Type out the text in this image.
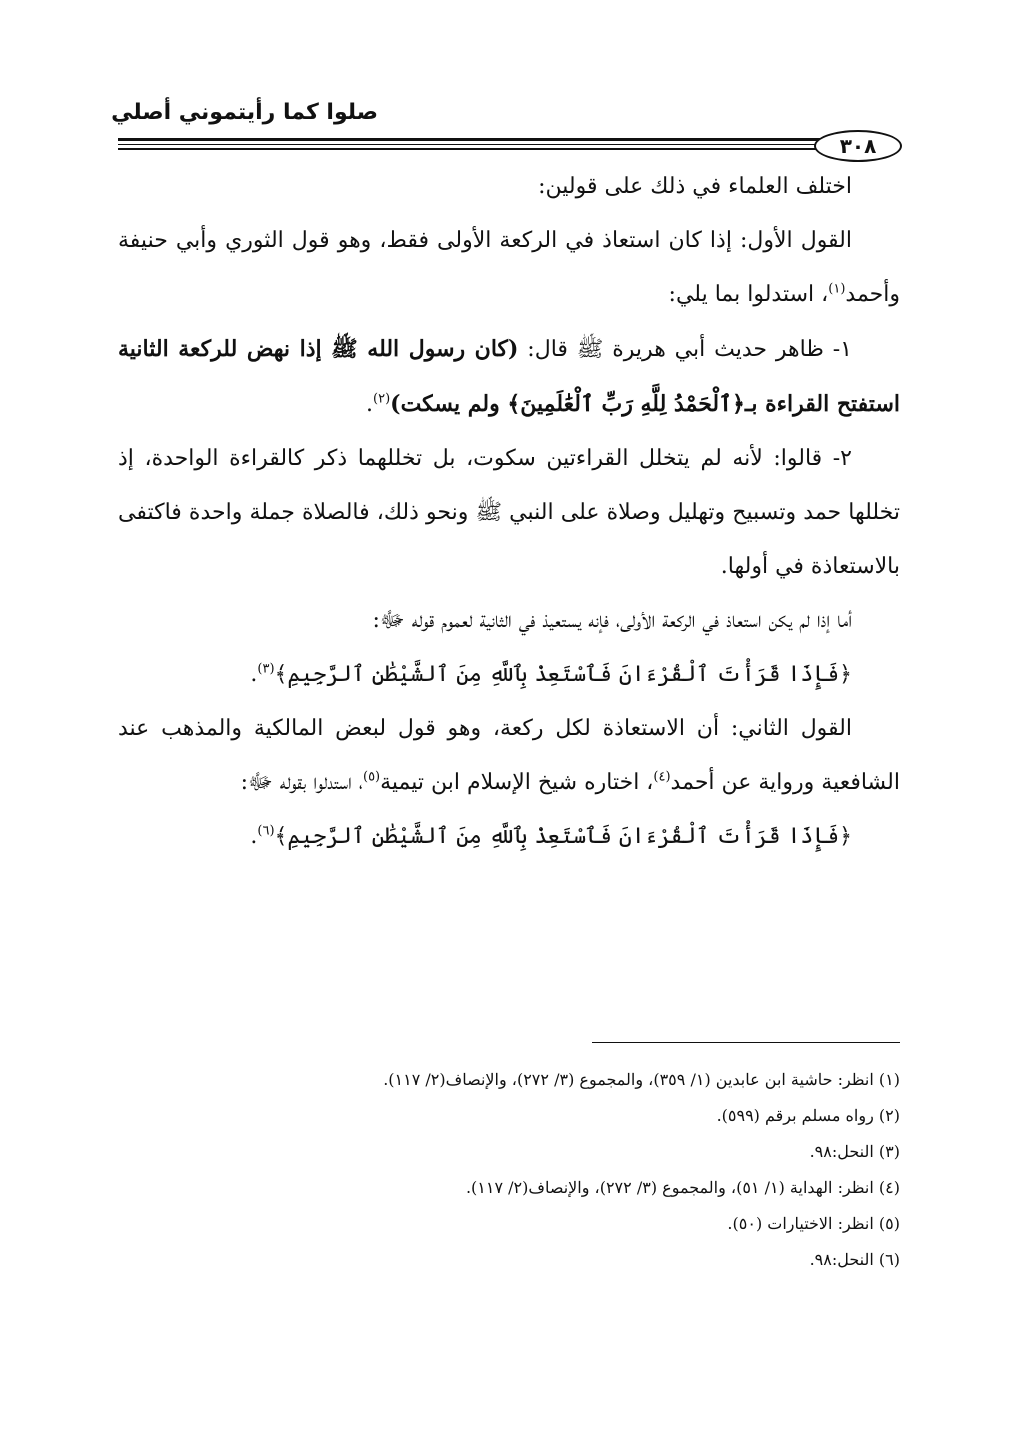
صلوا كما رأيتموني أصلي
٣٠٨

اختلف العلماء في ذلك على قولين:

القول الأول: إذا كان استعاذ في الركعة الأولى فقط، وهو قول الثوري وأبي حنيفة وأحمد$^{(١)}$، استدلوا بما يلي:

١- ظاهر حديث أبي هريرة ﷺ قال: (كان رسول الله ﷺ إذا نهض للركعة الثانية استفتح القراءة بـ﴿ٱلْحَمْدُ لِلَّهِ رَبِّ ٱلْعَٰلَمِينَ﴾ ولم يسكت)$^{(٢)}$.

٢- قالوا: لأنه لم يتخلل القراءتين سكوت، بل تخللهما ذكر كالقراءة الواحدة، إذ تخللها حمد وتسبيح وتهليل وصلاة على النبي ﷺ ونحو ذلك، فالصلاة جملة واحدة فاكتفى بالاستعاذة في أولها.

أما إذا لم يكن استعاذ في الركعة الأولى، فإنه يستعيذ في الثانية لعموم قوله ﷻ:

﴿فَإِذَا قَرَأْتَ ٱلْقُرْءَانَ فَٱسْتَعِذْ بِٱللَّهِ مِنَ ٱلشَّيْطَٰنِ ٱلرَّجِيمِ﴾$^{(٣)}$.

القول الثاني: أن الاستعاذة لكل ركعة، وهو قول لبعض المالكية والمذهب عند الشافعية ورواية عن أحمد$^{(٤)}$، اختاره شيخ الإسلام ابن تيمية$^{(٥)}$، استدلوا بقوله ﷻ:

﴿فَإِذَا قَرَأْتَ ٱلْقُرْءَانَ فَٱسْتَعِذْ بِٱللَّهِ مِنَ ٱلشَّيْطَٰنِ ٱلرَّجِيمِ﴾$^{(٦)}$.

(١) انظر: حاشية ابن عابدين (١/ ٣٥٩)، والمجموع (٣/ ٢٧٢)، والإنصاف(٢/ ١١٧).

(٢) رواه مسلم برقم (٥٩٩).

(٣) النحل:٩٨.

(٤) انظر: الهداية (١/ ٥١)، والمجموع (٣/ ٢٧٢)، والإنصاف(٢/ ١١٧).

(٥) انظر: الاختيارات (٥٠).

(٦) النحل:٩٨.
